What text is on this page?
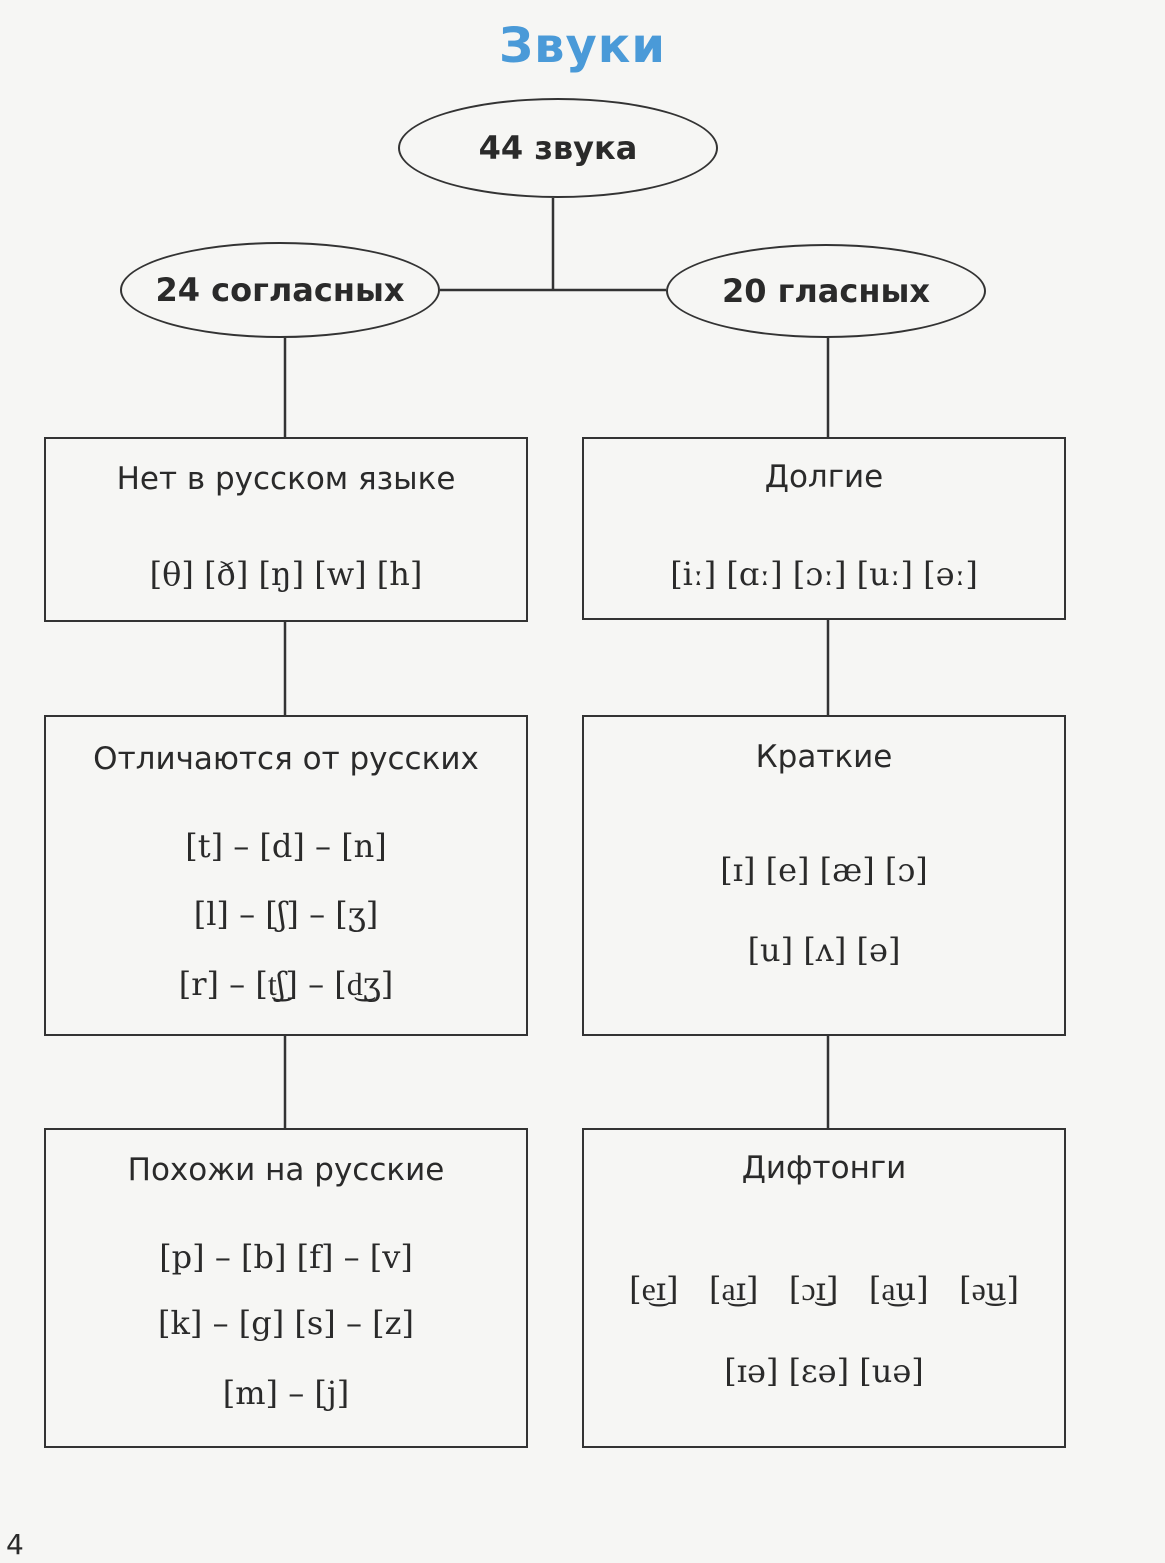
Звуки
44 звука
24 согласных	20 гласных
Нет в русском языке
[θ] [ð] [ŋ] [w] [h]
Отличаются от русских
[t] – [d] – [n]
[l] – [ʃ] – [ʒ]
[r] – [t͜ʃ] – [d͜ʒ]
Похожи на русские
[p] – [b] [f] – [v]
[k] – [g] [s] – [z]
[m] – [j]
Долгие
[iː] [ɑː] [ɔː] [uː] [əː]
Краткие
[ɪ] [e] [æ] [ɔ]
[u] [ʌ] [ə]
Дифтонги
[e͜ɪ]   [a͜ɪ]   [ɔ͜ɪ]   [a͜u]   [ə͜u]
[ɪə] [ɛə] [uə]
4
